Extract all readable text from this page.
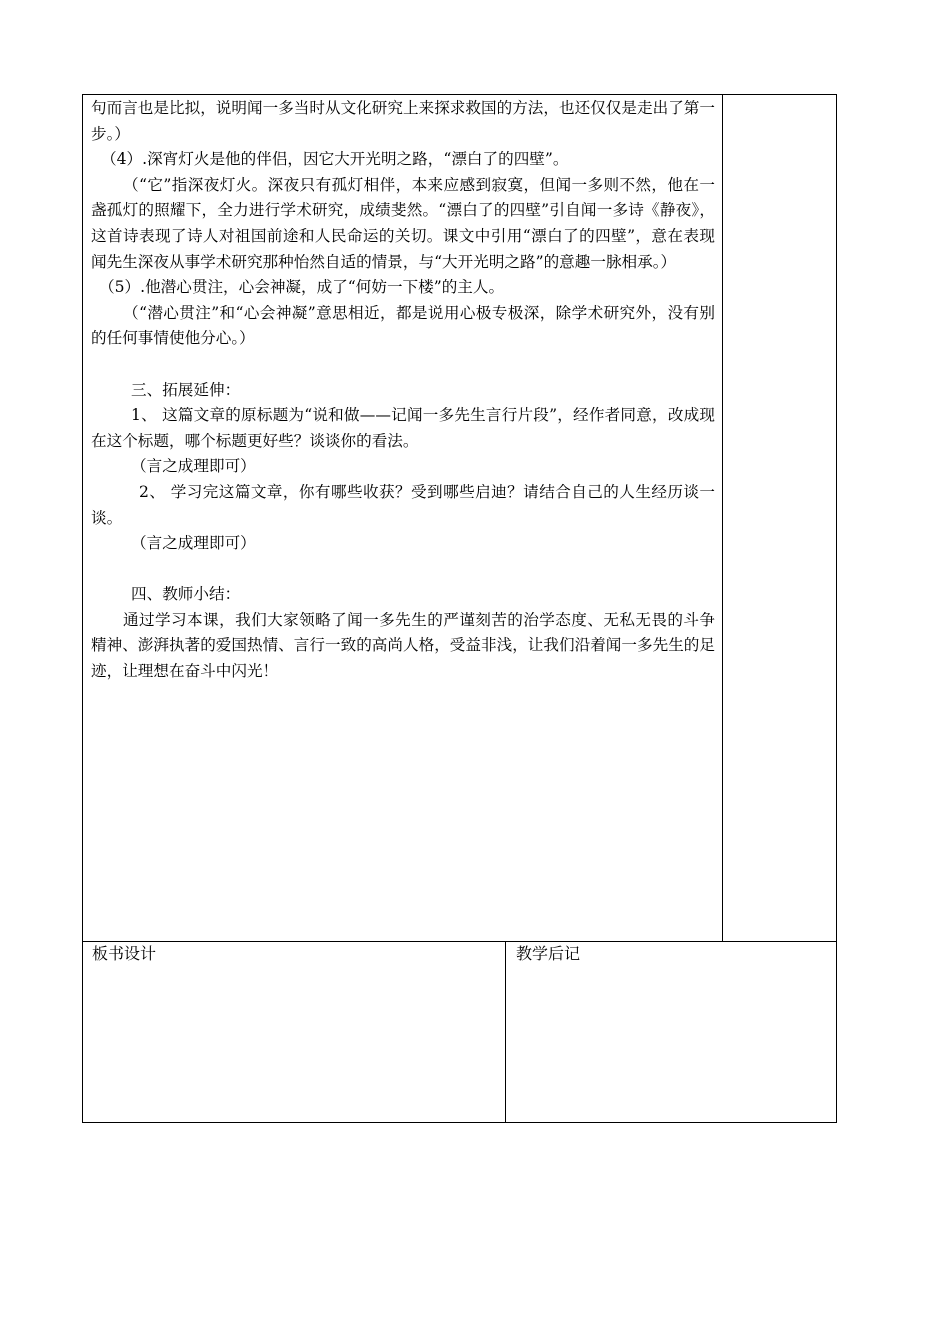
句而言也是比拟，说明闻一多当时从文化研究上来探求救国的方法，也还仅仅是走出了第一步。）

（4）.深宵灯火是他的伴侣，因它大开光明之路，“漂白了的四壁”。

（“它”指深夜灯火。深夜只有孤灯相伴，本来应感到寂寞，但闻一多则不然，他在一盏孤灯的照耀下，全力进行学术研究，成绩斐然。“漂白了的四壁”引自闻一多诗《静夜》，这首诗表现了诗人对祖国前途和人民命运的关切。课文中引用“漂白了的四壁”，意在表现闻先生深夜从事学术研究那种怡然自适的情景，与“大开光明之路”的意趣一脉相承。）

（5）.他潜心贯注，心会神凝，成了“何妨一下楼”的主人。

（“潜心贯注”和“心会神凝”意思相近，都是说用心极专极深，除学术研究外，没有别的任何事情使他分心。）

三、拓展延伸：

1、 这篇文章的原标题为“说和做——记闻一多先生言行片段”，经作者同意，改成现在这个标题，哪个标题更好些？谈谈你的看法。

（言之成理即可）

2、 学习完这篇文章，你有哪些收获？受到哪些启迪？请结合自己的人生经历谈一谈。

（言之成理即可）

四、教师小结：

通过学习本课，我们大家领略了闻一多先生的严谨刻苦的治学态度、无私无畏的斗争精神、澎湃执著的爱国热情、言行一致的高尚人格，受益非浅，让我们沿着闻一多先生的足迹，让理想在奋斗中闪光！

板书设计	教学后记
